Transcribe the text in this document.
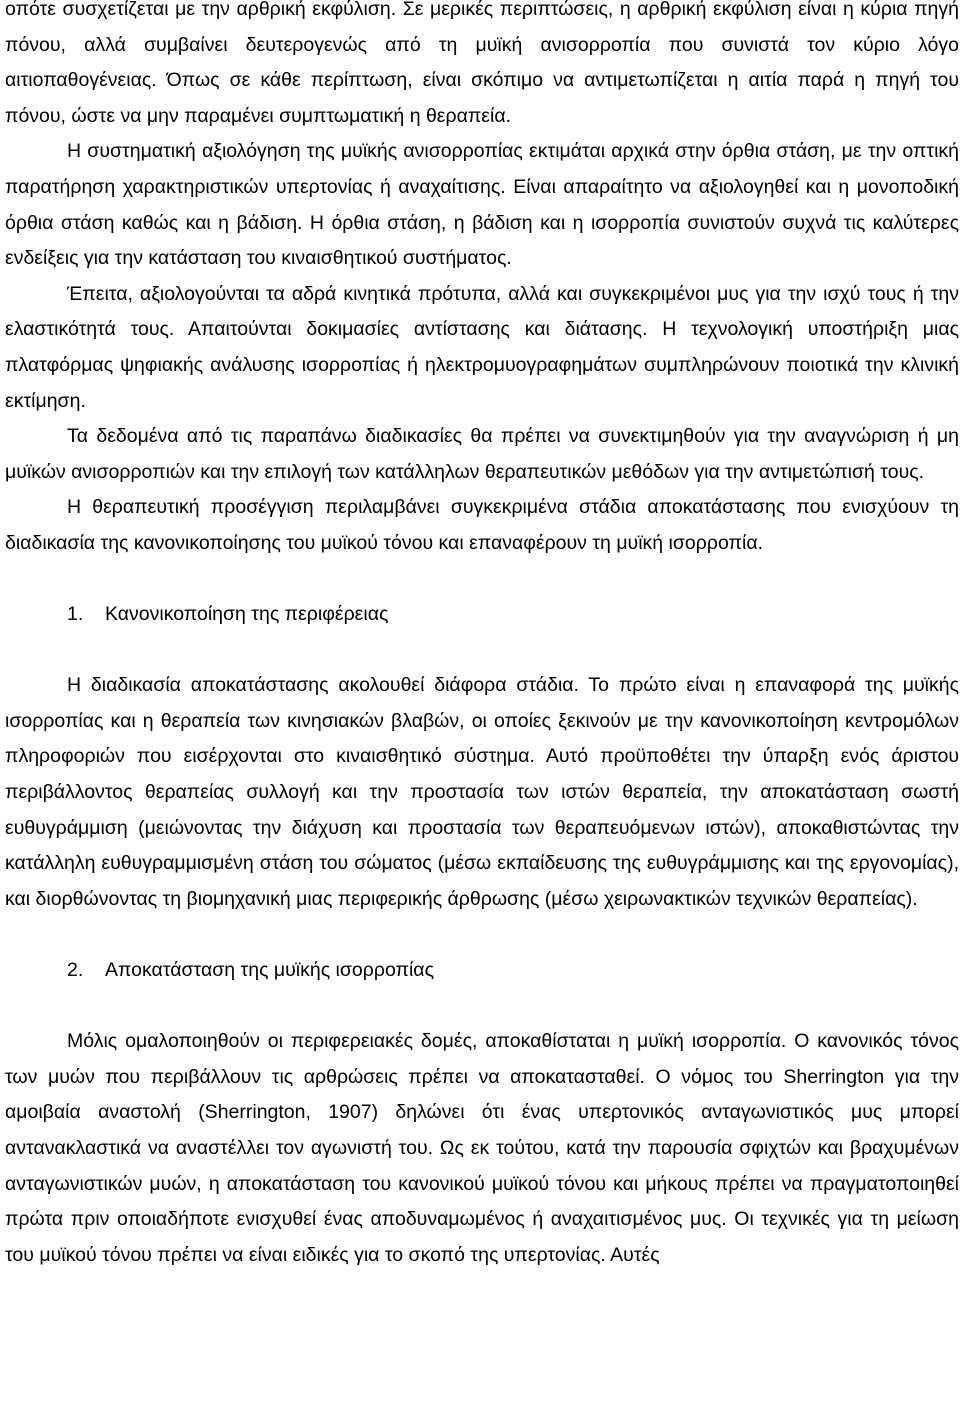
οπότε συσχετίζεται με την αρθρική εκφύλιση. Σε μερικές περιπτώσεις, η αρθρική εκφύλιση είναι η κύρια πηγή πόνου, αλλά συμβαίνει δευτερογενώς από τη μυϊκή ανισορροπία που συνιστά τον κύριο λόγο αιτιοπαθογένειας. Όπως σε κάθε περίπτωση, είναι σκόπιμο να αντιμετωπίζεται η αιτία παρά η πηγή του πόνου, ώστε να μην παραμένει συμπτωματική η θεραπεία.

Η συστηματική αξιολόγηση της μυϊκής ανισορροπίας εκτιμάται αρχικά στην όρθια στάση, με την οπτική παρατήρηση χαρακτηριστικών υπερτονίας ή αναχαίτισης. Είναι απαραίτητο να αξιολογηθεί και η μονοποδική όρθια στάση καθώς και η βάδιση. Η όρθια στάση, η βάδιση και η ισορροπία συνιστούν συχνά τις καλύτερες ενδείξεις για την κατάσταση του κιναισθητικού συστήματος.

Έπειτα, αξιολογούνται τα αδρά κινητικά πρότυπα, αλλά και συγκεκριμένοι μυς για την ισχύ τους ή την ελαστικότητά τους. Απαιτούνται δοκιμασίες αντίστασης και διάτασης. Η τεχνολογική υποστήριξη μιας πλατφόρμας ψηφιακής ανάλυσης ισορροπίας ή ηλεκτρομυογραφημάτων συμπληρώνουν ποιοτικά την κλινική εκτίμηση.

Τα δεδομένα από τις παραπάνω διαδικασίες θα πρέπει να συνεκτιμηθούν για την αναγνώριση ή μη μυϊκών ανισορροπιών και την επιλογή των κατάλληλων θεραπευτικών μεθόδων για την αντιμετώπισή τους.

Η θεραπευτική προσέγγιση περιλαμβάνει συγκεκριμένα στάδια αποκατάστασης που ενισχύουν τη διαδικασία της κανονικοποίησης του μυϊκού τόνου και επαναφέρουν τη μυϊκή ισορροπία.

1.	Κανονικοποίηση της περιφέρειας

Η διαδικασία αποκατάστασης ακολουθεί διάφορα στάδια. Το πρώτο είναι η επαναφορά της μυϊκής ισορροπίας και η θεραπεία των κινησιακών βλαβών, οι οποίες ξεκινούν με την κανονικοποίηση κεντρομόλων πληροφοριών που εισέρχονται στο κιναισθητικό σύστημα. Αυτό προϋποθέτει την ύπαρξη ενός άριστου περιβάλλοντος θεραπείας συλλογή και την προστασία των ιστών θεραπεία, την αποκατάσταση σωστή ευθυγράμμιση (μειώνοντας την διάχυση και προστασία των θεραπευόμενων ιστών), αποκαθιστώντας την κατάλληλη ευθυγραμμισμένη στάση του σώματος (μέσω εκπαίδευσης της ευθυγράμμισης και της εργονομίας), και διορθώνοντας τη βιομηχανική μιας περιφερικής άρθρωσης (μέσω χειρωνακτικών τεχνικών θεραπείας).

2.	Αποκατάσταση της μυϊκής ισορροπίας

Μόλις ομαλοποιηθούν οι περιφερειακές δομές, αποκαθίσταται η μυϊκή ισορροπία. Ο κανονικός τόνος των μυών που περιβάλλουν τις αρθρώσεις πρέπει να αποκατασταθεί. Ο νόμος του Sherrington για την αμοιβαία αναστολή (Sherrington, 1907) δηλώνει ότι ένας υπερτονικός ανταγωνιστικός μυς μπορεί αντανακλαστικά να αναστέλλει τον αγωνιστή του. Ως εκ τούτου, κατά την παρουσία σφιχτών και βραχυμένων ανταγωνιστικών μυών, η αποκατάσταση του κανονικού μυϊκού τόνου και μήκους πρέπει να πραγματοποιηθεί πρώτα πριν οποιαδήποτε ενισχυθεί ένας αποδυναμωμένος ή αναχαιτισμένος μυς. Οι τεχνικές για τη μείωση του μυϊκού τόνου πρέπει να είναι ειδικές για το σκοπό της υπερτονίας. Αυτές
